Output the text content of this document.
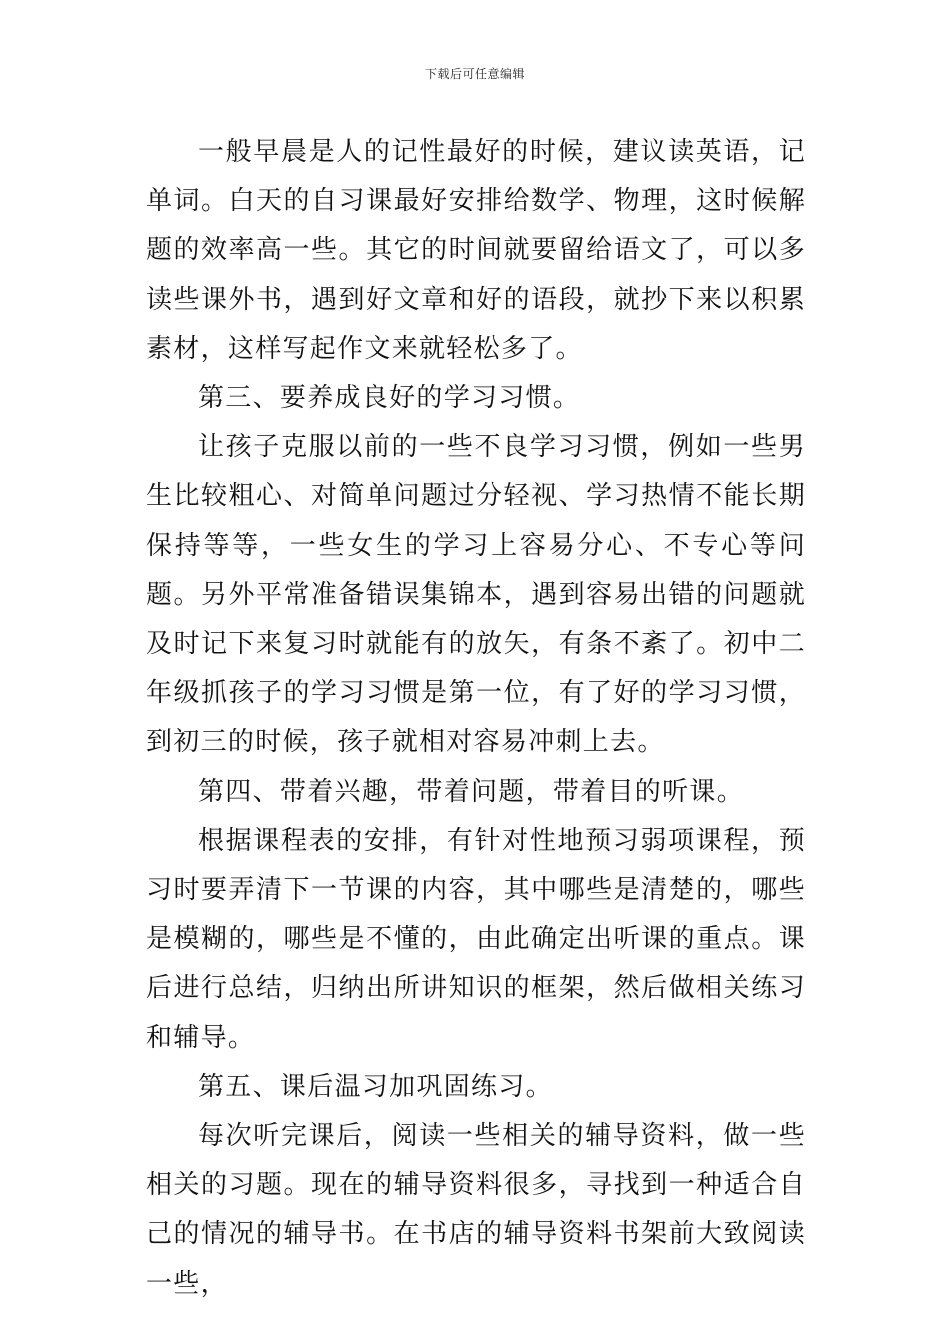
下载后可任意编辑

一般早晨是人的记性最好的时候，建议读英语，记单词。白天的自习课最好安排给数学、物理，这时候解题的效率高一些。其它的时间就要留给语文了，可以多读些课外书，遇到好文章和好的语段，就抄下来以积累素材，这样写起作文来就轻松多了。

第三、要养成良好的学习习惯。

让孩子克服以前的一些不良学习习惯，例如一些男生比较粗心、对简单问题过分轻视、学习热情不能长期保持等等，一些女生的学习上容易分心、不专心等问题。另外平常准备错误集锦本，遇到容易出错的问题就及时记下来复习时就能有的放矢，有条不紊了。初中二年级抓孩子的学习习惯是第一位，有了好的学习习惯，到初三的时候，孩子就相对容易冲刺上去。

第四、带着兴趣，带着问题，带着目的听课。

根据课程表的安排，有针对性地预习弱项课程，预习时要弄清下一节课的内容，其中哪些是清楚的，哪些是模糊的，哪些是不懂的，由此确定出听课的重点。课后进行总结，归纳出所讲知识的框架，然后做相关练习和辅导。

第五、课后温习加巩固练习。

每次听完课后，阅读一些相关的辅导资料，做一些相关的习题。现在的辅导资料很多，寻找到一种适合自己的情况的辅导书。在书店的辅导资料书架前大致阅读一些，
